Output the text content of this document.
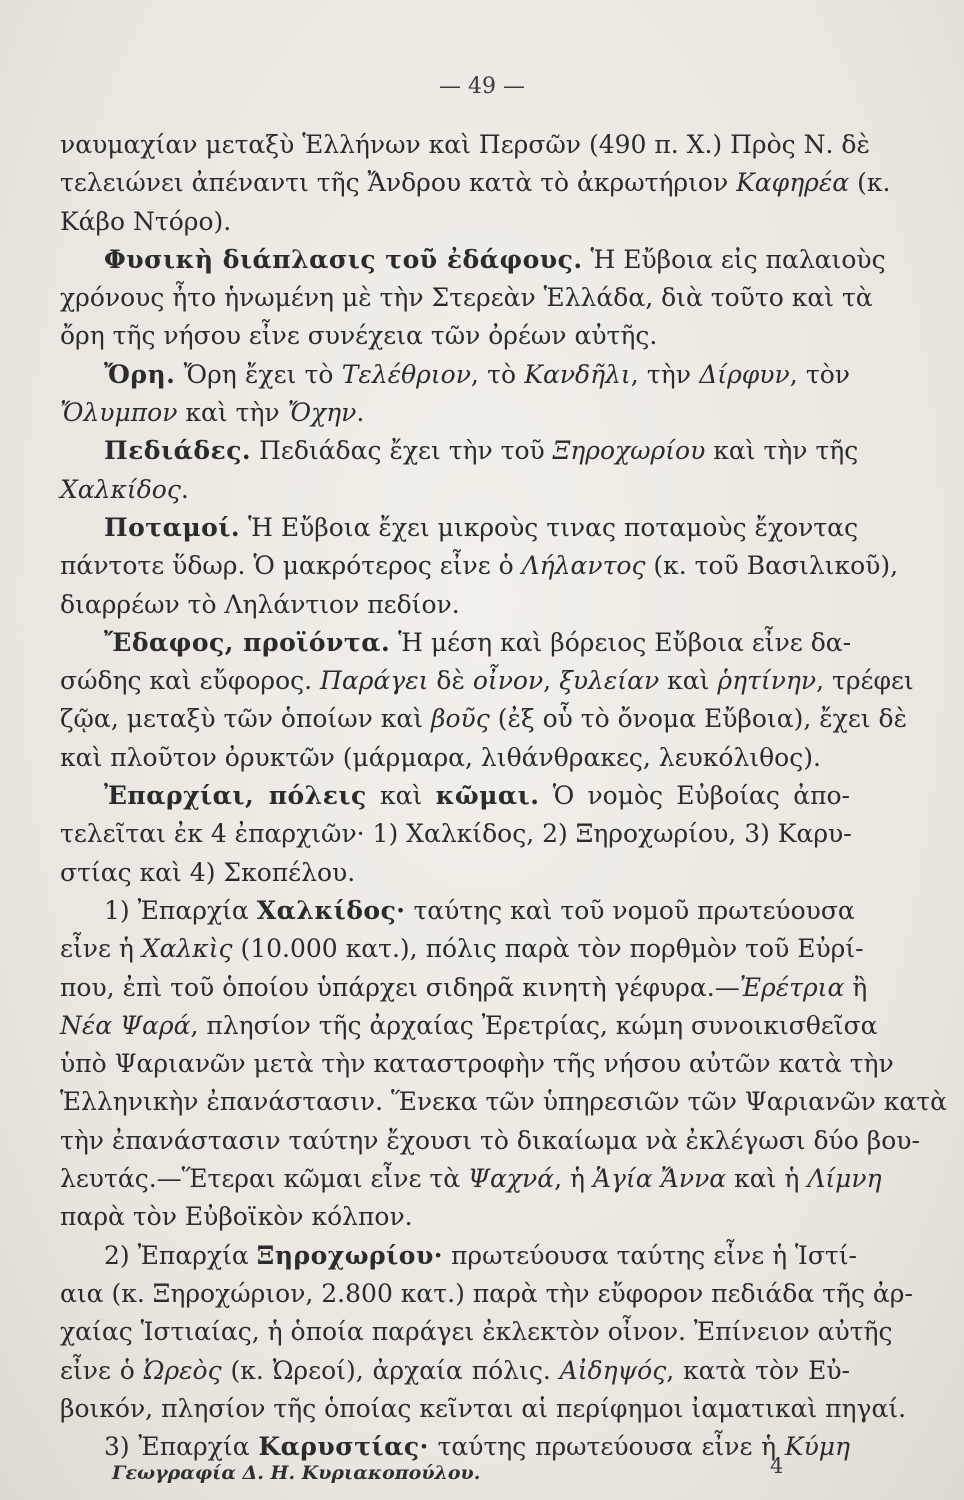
— 49 —
ναυμαχίαν μεταξὺ Ἑλλήνων καὶ Περσῶν (490 π. Χ.) Πρὸς Ν. δὲ
τελειώνει ἀπέναντι τῆς Ἄνδρου κατὰ τὸ ἀκρωτήριον Καφηρέα (κ.
Κάβο Ντόρο).
Φυσικὴ διάπλασις τοῦ ἐδάφους. Ἡ Εὔβοια εἰς παλαιοὺς
χρόνους ἦτο ἡνωμένη μὲ τὴν Στερεὰν Ἑλλάδα, διὰ τοῦτο καὶ τὰ
ὄρη τῆς νήσου εἶνε συνέχεια τῶν ὀρέων αὐτῆς.
Ὄρη. Ὄρη ἔχει τὸ Τελέθριον, τὸ Κανδῆλι, τὴν Δίρφυν, τὸν
Ὄλυμπον καὶ τὴν Ὄχην.
Πεδιάδες. Πεδιάδας ἔχει τὴν τοῦ Ξηροχωρίου καὶ τὴν τῆς
Χαλκίδος.
Ποταμοί. Ἡ Εὔβοια ἔχει μικροὺς τινας ποταμοὺς ἔχοντας
πάντοτε ὕδωρ. Ὁ μακρότερος εἶνε ὁ Λήλαντος (κ. τοῦ Βασιλικοῦ),
διαρρέων τὸ Ληλάντιον πεδίον.
Ἔδαφος, προϊόντα. Ἡ μέση καὶ βόρειος Εὔβοια εἶνε δα-
σώδης καὶ εὔφορος. Παράγει δὲ οἶνον, ξυλείαν καὶ ῥητίνην, τρέφει
ζῷα, μεταξὺ τῶν ὁποίων καὶ βοῦς (ἐξ οὗ τὸ ὄνομα Εὔβοια), ἔχει δὲ
καὶ πλοῦτον ὀρυκτῶν (μάρμαρα, λιθάνθρακες, λευκόλιθος).
Ἐπαρχίαι, πόλεις καὶ κῶμαι. Ὁ νομὸς Εὐβοίας ἀπο-
τελεῖται ἐκ 4 ἐπαρχιῶν· 1) Χαλκίδος, 2) Ξηροχωρίου, 3) Καρυ-
στίας καὶ 4) Σκοπέλου.
1) Ἐπαρχία Χαλκίδος· ταύτης καὶ τοῦ νομοῦ πρωτεύουσα
εἶνε ἡ Χαλκὶς (10.000 κατ.), πόλις παρὰ τὸν πορθμὸν τοῦ Εὐρί-
που, ἐπὶ τοῦ ὁποίου ὑπάρχει σιδηρᾶ κινητὴ γέφυρα.—Ἐρέτρια ἢ
Νέα Ψαρά, πλησίον τῆς ἀρχαίας Ἐρετρίας, κώμη συνοικισθεῖσα
ὑπὸ Ψαριανῶν μετὰ τὴν καταστροφὴν τῆς νήσου αὐτῶν κατὰ τὴν
Ἑλληνικὴν ἐπανάστασιν. Ἕνεκα τῶν ὑπηρεσιῶν τῶν Ψαριανῶν κατὰ
τὴν ἐπανάστασιν ταύτην ἔχουσι τὸ δικαίωμα νὰ ἐκλέγωσι δύο βου-
λευτάς.—Ἕτεραι κῶμαι εἶνε τὰ Ψαχνά, ἡ Ἁγία Ἄννα καὶ ἡ Λίμνη
παρὰ τὸν Εὐβοϊκὸν κόλπον.
2) Ἐπαρχία Ξηροχωρίου· πρωτεύουσα ταύτης εἶνε ἡ Ἱστί-
αια (κ. Ξηροχώριον, 2.800 κατ.) παρὰ τὴν εὔφορον πεδιάδα τῆς ἀρ-
χαίας Ἱστιαίας, ἡ ὁποία παράγει ἐκλεκτὸν οἶνον. Ἐπίνειον αὐτῆς
εἶνε ὁ Ὠρεὸς (κ. Ὠρεοί), ἀρχαία πόλις. Αἰδηψός, κατὰ τὸν Εὐ-
βοικόν, πλησίον τῆς ὁποίας κεῖνται αἱ περίφημοι ἰαματικαὶ πηγαί.
3) Ἐπαρχία Καρυστίας· ταύτης πρωτεύουσα εἶνε ἡ Κύμη
Γεωγραφία Δ. Η. Κυριακοπούλου.	4
